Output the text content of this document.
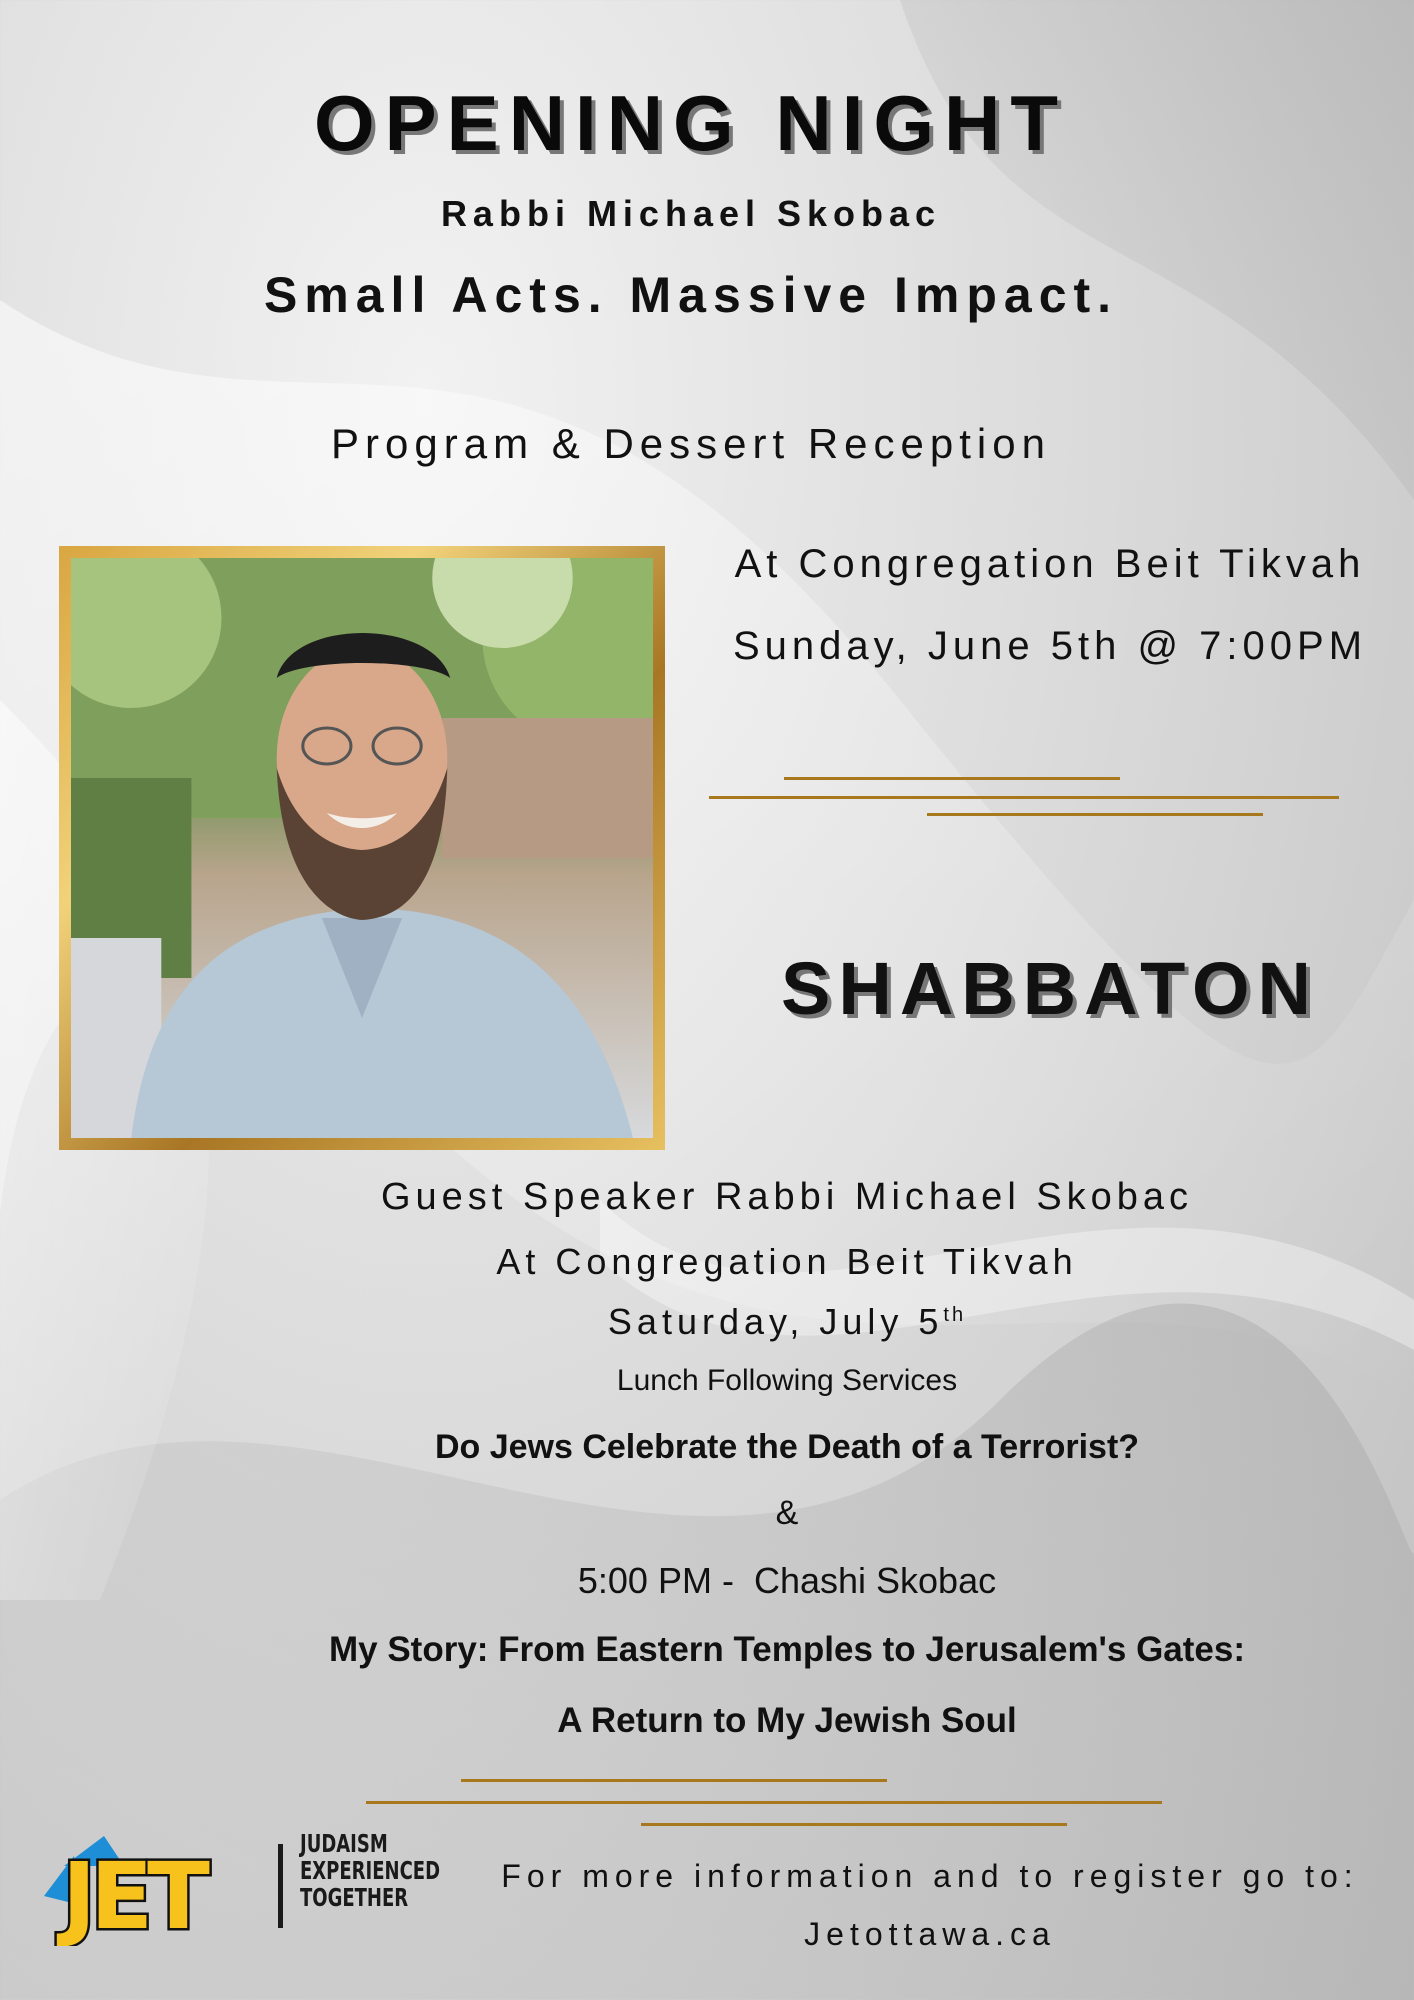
OPENING NIGHT
Rabbi Michael Skobac
Small Acts. Massive Impact.
Program & Dessert Reception
At Congregation Beit Tikvah
Sunday, June 5th @ 7:00PM
SHABBATON
Guest Speaker Rabbi Michael Skobac
At Congregation Beit Tikvah
Saturday, July 5th
Lunch Following Services
Do Jews Celebrate the Death of a Terrorist?
&
5:00 PM -  Chashi Skobac
My Story: From Eastern Temples to Jerusalem's Gates:
A Return to My Jewish Soul
JET	JUDAISM
EXPERIENCED
TOGETHER
For more information and to register go to:
Jetottawa.ca
